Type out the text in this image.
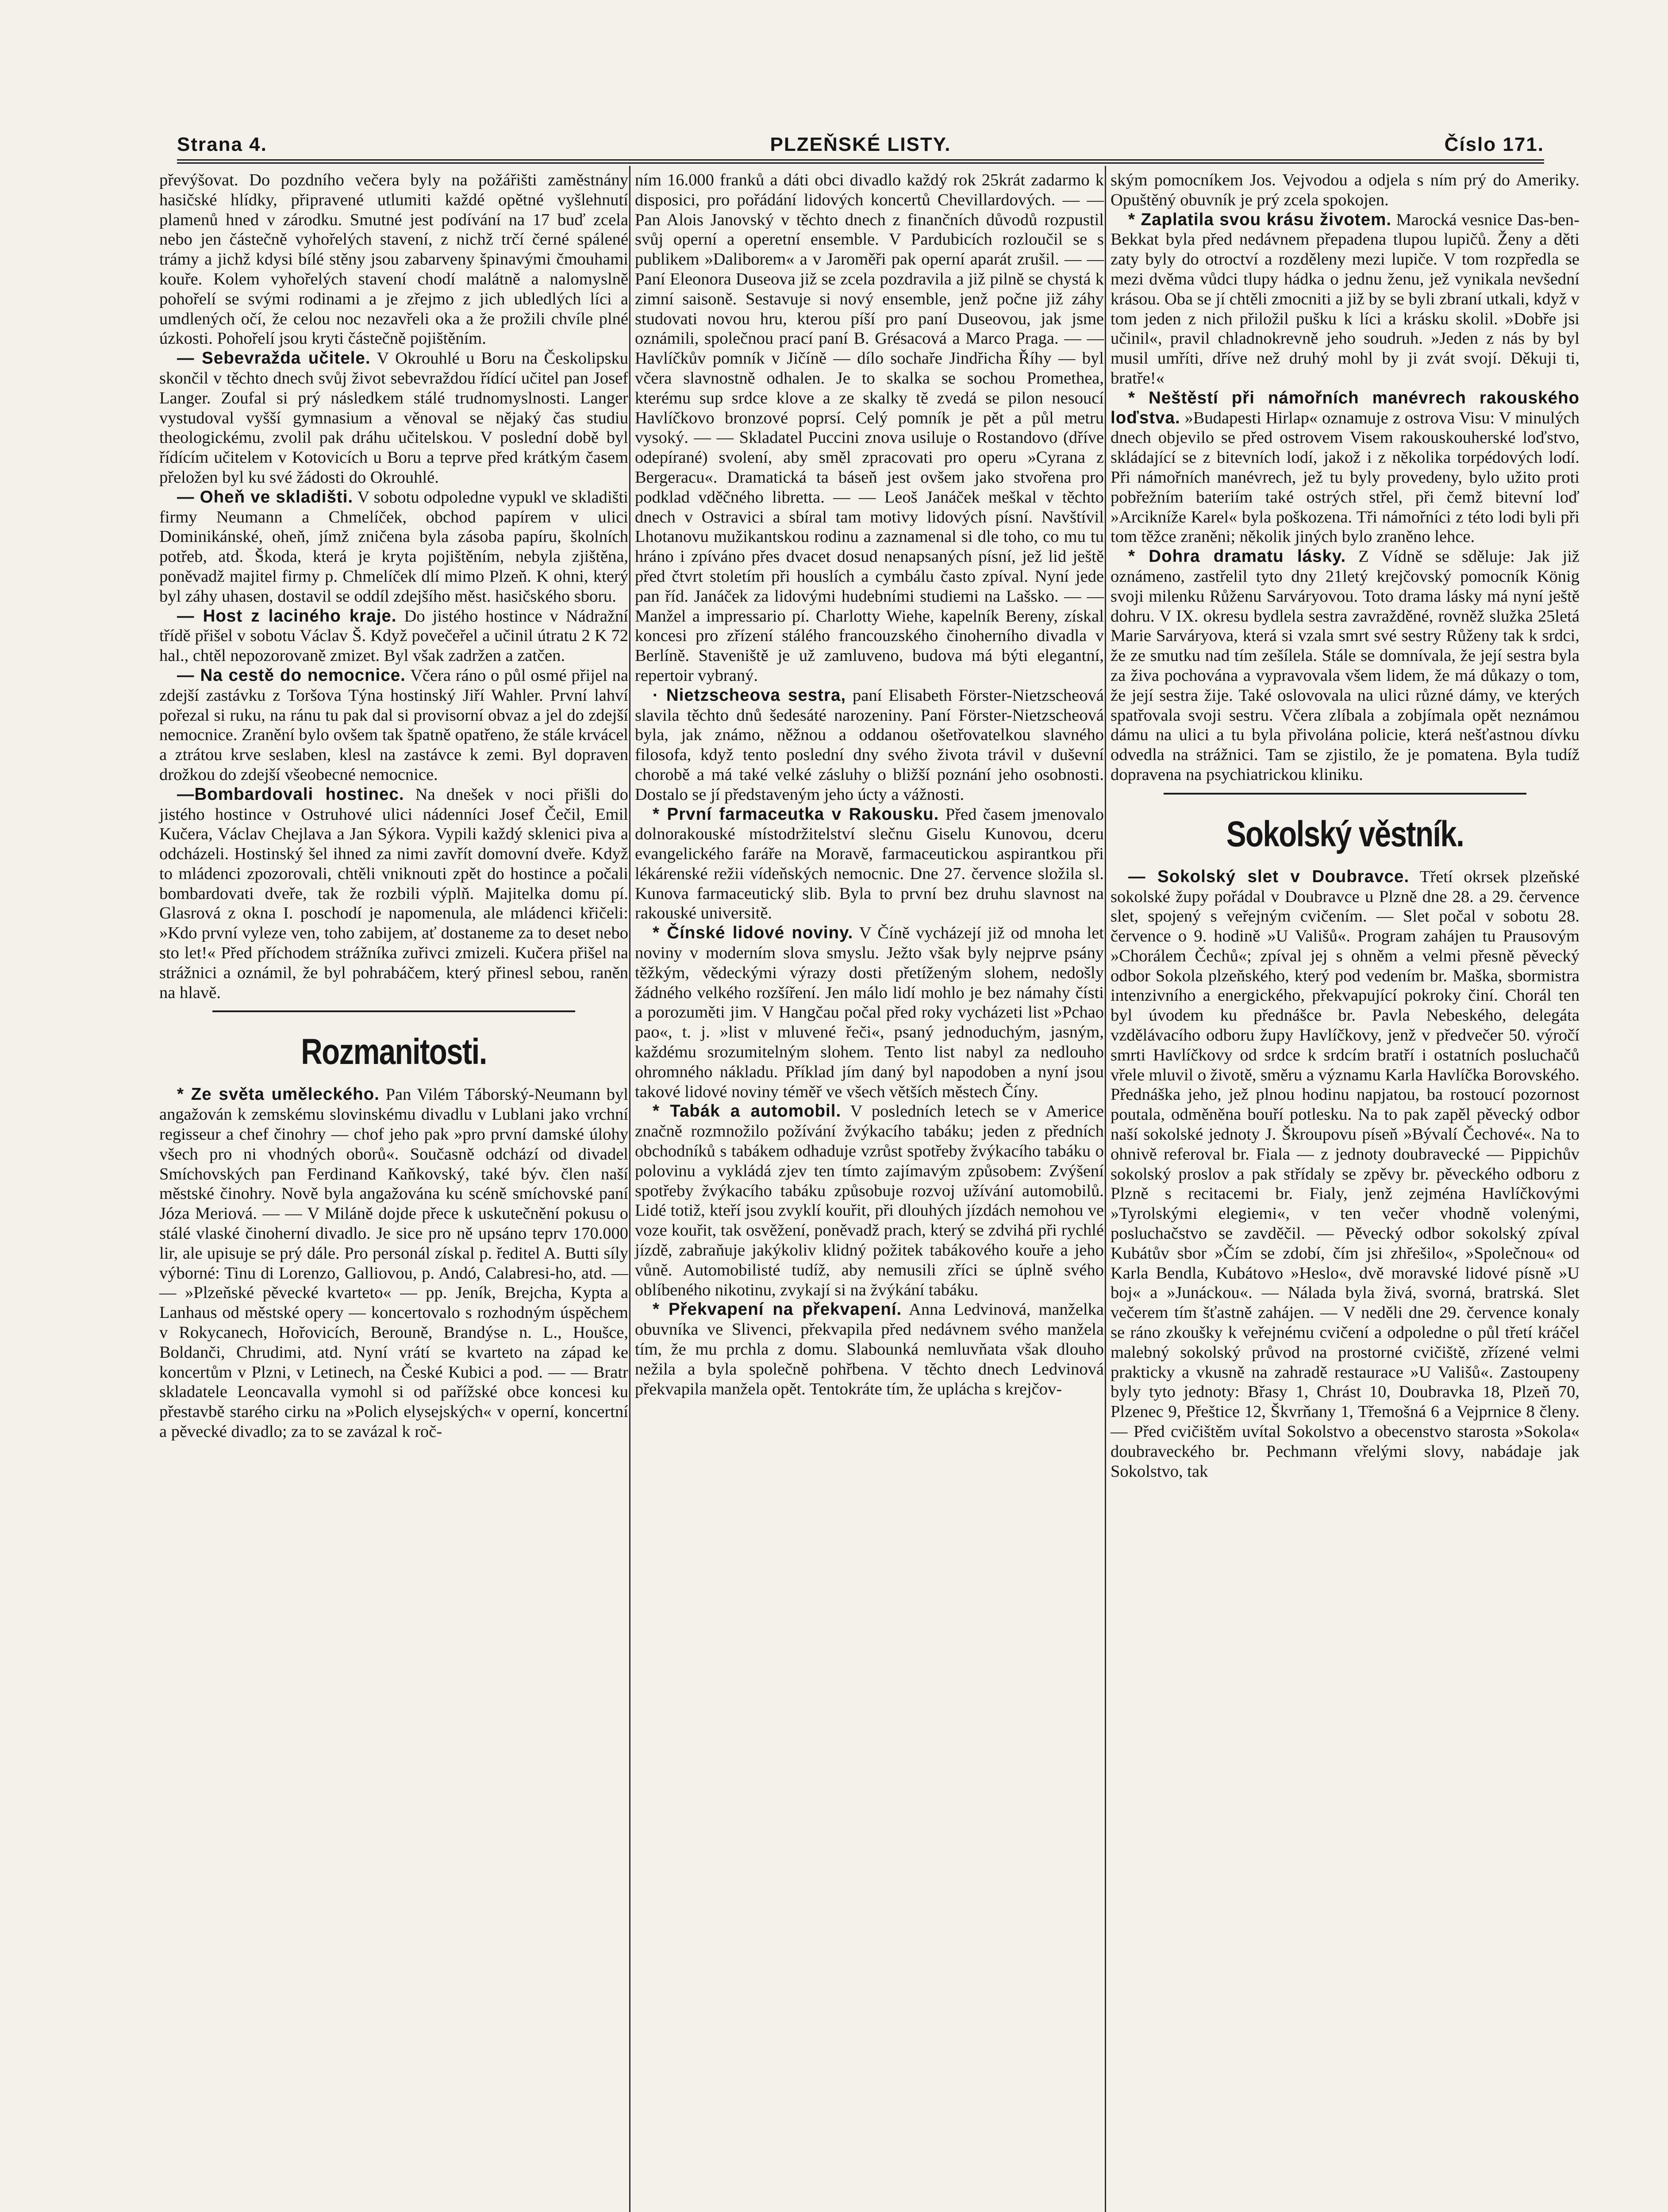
Strana 4.	PLZEŇSKÉ LISTY.	Číslo 171.

převýšovat. Do pozdního večera byly na požářišti zaměstnány hasičské hlídky, připravené utlumiti každé opětné vyšlehnutí plamenů hned v zárodku. Smutné jest podívání na 17 buď zcela nebo jen částečně vyhořelých stavení, z nichž trčí černé spálené trámy a jichž kdysi bílé stěny jsou zabarveny špinavými čmouhami kouře. Kolem vyhořelých stavení chodí malátně a nalomyslně pohořelí se svými rodinami a je zřejmo z jich ubledlých líci a umdlených očí, že celou noc nezavřeli oka a že prožili chvíle plné úzkosti. Pohořelí jsou kryti částečně pojištěním.

— Sebevražda učitele. V Okrouhlé u Boru na Českolipsku skončil v těchto dnech svůj život sebevraždou řídící učitel pan Josef Langer. Zoufal si prý následkem stálé trudnomyslnosti. Langer vystudoval vyšší gymnasium a věnoval se nějaký čas studiu theologickému, zvolil pak dráhu učitelskou. V poslední době byl řídícím učitelem v Kotovicích u Boru a teprve před krátkým časem přeložen byl ku své žádosti do Okrouhlé.

— Oheň ve skladišti. V sobotu odpoledne vypukl ve skladišti firmy Neumann a Chmelíček, obchod papírem v ulici Dominikánské, oheň, jímž zničena byla zásoba papíru, školních potřeb, atd. Škoda, která je kryta pojištěním, nebyla zjištěna, poněvadž majitel firmy p. Chmelíček dlí mimo Plzeň. K ohni, který byl záhy uhasen, dostavil se oddíl zdejšího měst. hasičského sboru.

— Host z laciného kraje. Do jistého hostince v Nádražní třídě přišel v sobotu Václav Š. Když povečeřel a učinil útratu 2 K 72 hal., chtěl nepozorovaně zmizet. Byl však zadržen a zatčen.

— Na cestě do nemocnice. Včera ráno o půl osmé přijel na zdejší zastávku z Toršova Týna hostinský Jiří Wahler. První lahví pořezal si ruku, na ránu tu pak dal si provisorní obvaz a jel do zdejší nemocnice. Zranění bylo ovšem tak špatně opatřeno, že stále krvácel a ztrátou krve seslaben, klesl na zastávce k zemi. Byl dopraven drožkou do zdejší všeobecné nemocnice.

—Bombardovali hostinec. Na dnešek v noci přišli do jistého hostince v Ostruhové ulici nádenníci Josef Čečil, Emil Kučera, Václav Chejlava a Jan Sýkora. Vypili každý sklenici piva a odcházeli. Hostinský šel ihned za nimi zavřít domovní dveře. Když to mládenci zpozorovali, chtěli vniknouti zpět do hostince a počali bombardovati dveře, tak že rozbili výplň. Majitelka domu pí. Glasrová z okna I. poschodí je napomenula, ale mládenci křičeli: »Kdo první vyleze ven, toho zabijem, ať dostaneme za to deset nebo sto let!« Před příchodem strážníka zuřivci zmizeli. Kučera přišel na strážnici a oznámil, že byl pohrabáčem, který přinesl sebou, raněn na hlavě.

Rozmanitosti.

* Ze světa uměleckého. Pan Vilém Táborský-Neumann byl angažován k zemskému slovinskému divadlu v Lublani jako vrchní regisseur a chef činohry — chof jeho pak »pro první damské úlohy všech pro ni vhodných oborů«. Současně odchází od divadel Smíchovských pan Ferdinand Kaňkovský, také býv. člen naší městské činohry. Nově byla angažována ku scéně smíchovské paní Józa Meriová. — — V Miláně dojde přece k uskutečnění pokusu o stálé vlaské činoherní divadlo. Je sice pro ně upsáno teprv 170.000 lir, ale upisuje se prý dále. Pro personál získal p. ředitel A. Butti síly výborné: Tinu di Lorenzo, Galliovou, p. Andó, Calabresi-ho, atd. — — »Plzeňské pěvecké kvarteto« — pp. Jeník, Brejcha, Kypta a Lanhaus od městské opery — koncertovalo s rozhodným úspěchem v Rokycanech, Hořovicích, Berouně, Brandýse n. L., Houšce, Boldanči, Chrudimi, atd. Nyní vrátí se kvarteto na západ ke koncertům v Plzni, v Letinech, na České Kubici a pod. — — Bratr skladatele Leoncavalla vymohl si od pařížské obce koncesi ku přestavbě starého cirku na »Polich elysejských« v operní, koncertní a pěvecké divadlo; za to se zavázal k roč-

ním 16.000 franků a dáti obci divadlo každý rok 25krát zadarmo k disposici, pro pořádání lidových koncertů Chevillardových. — — Pan Alois Janovský v těchto dnech z finančních důvodů rozpustil svůj operní a operetní ensemble. V Pardubicích rozloučil se s publikem »Daliborem« a v Jaroměři pak operní aparát zrušil. — — Paní Eleonora Duseova již se zcela pozdravila a již pilně se chystá k zimní saisoně. Sestavuje si nový ensemble, jenž počne již záhy studovati novou hru, kterou píší pro paní Duseovou, jak jsme oznámili, společnou prací paní B. Grésacová a Marco Praga. — — Havlíčkův pomník v Jičíně — dílo sochaře Jindřicha Říhy — byl včera slavnostně odhalen. Je to skalka se sochou Promethea, kterému sup srdce klove a ze skalky tě zvedá se pilon nesoucí Havlíčkovo bronzové poprsí. Celý pomník je pět a půl metru vysoký. — — Skladatel Puccini znova usiluje o Rostandovo (dříve odepírané) svolení, aby směl zpracovati pro operu »Cyrana z Bergeracu«. Dramatická ta báseň jest ovšem jako stvořena pro podklad vděčného libretta. — — Leoš Janáček meškal v těchto dnech v Ostravici a sbíral tam motivy lidových písní. Navštívil Lhotanovu mužikantskou rodinu a zaznamenal si dle toho, co mu tu hráno i zpíváno přes dvacet dosud nenapsaných písní, jež lid ještě před čtvrt stoletím při houslích a cymbálu často zpíval. Nyní jede pan říd. Janáček za lidovými hudebními studiemi na Lašsko. — — Manžel a impressario pí. Charlotty Wiehe, kapelník Bereny, získal koncesi pro zřízení stálého francouzského činoherního divadla v Berlíně. Staveniště je už zamluveno, budova má býti elegantní, repertoir vybraný.

· Nietzscheova sestra, paní Elisabeth Förster-Nietzscheová slavila těchto dnů šedesáté narozeniny. Paní Förster-Nietzscheová byla, jak známo, něžnou a oddanou ošetřovatelkou slavného filosofa, když tento poslední dny svého života trávil v duševní chorobě a má také velké zásluhy o bližší poznání jeho osobnosti. Dostalo se jí představeným jeho úcty a vážnosti.

* První farmaceutka v Rakousku. Před časem jmenovalo dolnorakouské místodržitelství slečnu Giselu Kunovou, dceru evangelického faráře na Moravě, farmaceutickou aspirantkou při lékárenské režii vídeňských nemocnic. Dne 27. července složila sl. Kunova farmaceutický slib. Byla to první bez druhu slavnost na rakouské universitě.

* Čínské lidové noviny. V Číně vycházejí již od mnoha let noviny v moderním slova smyslu. Ježto však byly nejprve psány těžkým, vědeckými výrazy dosti přetíženým slohem, nedošly žádného velkého rozšíření. Jen málo lidí mohlo je bez námahy čísti a porozuměti jim. V Hangčau počal před roky vycházeti list »Pchao pao«, t. j. »list v mluvené řeči«, psaný jednoduchým, jasným, každému srozumitelným slohem. Tento list nabyl za nedlouho ohromného nákladu. Příklad jím daný byl napodoben a nyní jsou takové lidové noviny téměř ve všech větších městech Číny.

* Tabák a automobil. V posledních letech se v Americe značně rozmnožilo požívání žvýkacího tabáku; jeden z předních obchodníků s tabákem odhaduje vzrůst spotřeby žvýkacího tabáku o polovinu a vykládá zjev ten tímto zajímavým způsobem: Zvýšení spotřeby žvýkacího tabáku způsobuje rozvoj užívání automobilů. Lidé totiž, kteří jsou zvyklí kouřit, při dlouhých jízdách nemohou ve voze kouřit, tak osvěžení, poněvadž prach, který se zdvihá při rychlé jízdě, zabraňuje jakýkoliv klidný požitek tabákového kouře a jeho vůně. Automobilisté tudíž, aby nemusili zříci se úplně svého oblíbeného nikotinu, zvykají si na žvýkání tabáku.

* Překvapení na překvapení. Anna Ledvinová, manželka obuvníka ve Slivenci, překvapila před nedávnem svého manžela tím, že mu prchla z domu. Slabounká nemluvňata však dlouho nežila a byla společně pohřbena. V těchto dnech Ledvinová překvapila manžela opět. Tentokráte tím, že uplácha s krejčov-

ským pomocníkem Jos. Vejvodou a odjela s ním prý do Ameriky. Opuštěný obuvník je prý zcela spokojen.

* Zaplatila svou krásu životem. Marocká vesnice Das-ben-Bekkat byla před nedávnem přepadena tlupou lupičů. Ženy a děti zaty byly do otroctví a rozděleny mezi lupiče. V tom rozpředla se mezi dvěma vůdci tlupy hádka o jednu ženu, jež vynikala nevšední krásou. Oba se jí chtěli zmocniti a již by se byli zbraní utkali, když v tom jeden z nich přiložil pušku k líci a krásku skolil. »Dobře jsi učinil«, pravil chladnokrevně jeho soudruh. »Jeden z nás by byl musil umříti, dříve než druhý mohl by ji zvát svojí. Děkuji ti, bratře!«

* Neštěstí při námořních manévrech rakouského loďstva. »Budapesti Hirlap« oznamuje z ostrova Visu: V minulých dnech objevilo se před ostrovem Visem rakouskouherské loďstvo, skládající se z bitevních lodí, jakož i z několika torpédových lodí. Při námořních manévrech, jež tu byly provedeny, bylo užito proti pobřežním bateriím také ostrých střel, při čemž bitevní loď »Arcikníže Karel« byla poškozena. Tři námořníci z této lodi byli při tom těžce zraněni; několik jiných bylo zraněno lehce.

* Dohra dramatu lásky. Z Vídně se sděluje: Jak již oznámeno, zastřelil tyto dny 21letý krejčovský pomocník König svoji milenku Růženu Sarváryovou. Toto drama lásky má nyní ještě dohru. V IX. okresu bydlela sestra zavražděné, rovněž služka 25letá Marie Sarváryova, která si vzala smrt své sestry Růženy tak k srdci, že ze smutku nad tím zešílela. Stále se domnívala, že její sestra byla za živa pochována a vypravovala všem lidem, že má důkazy o tom, že její sestra žije. Také oslovovala na ulici různé dámy, ve kterých spatřovala svoji sestru. Včera zlíbala a zobjímala opět neznámou dámu na ulici a tu byla přivolána policie, která nešťastnou dívku odvedla na strážnici. Tam se zjistilo, že je pomatena. Byla tudíž dopravena na psychiatrickou kliniku.

Sokolský věstník.

— Sokolský slet v Doubravce. Třetí okrsek plzeňské sokolské župy pořádal v Doubravce u Plzně dne 28. a 29. července slet, spojený s veřejným cvičením. — Slet počal v sobotu 28. července o 9. hodině »U Vališů«. Program zahájen tu Prausovým »Chorálem Čechů«; zpíval jej s ohněm a velmi přesně pěvecký odbor Sokola plzeňského, který pod vedením br. Maška, sbormistra intenzivního a energického, překvapující pokroky činí. Chorál ten byl úvodem ku přednášce br. Pavla Nebeského, delegáta vzdělávacího odboru župy Havlíčkovy, jenž v předvečer 50. výročí smrti Havlíčkovy od srdce k srdcím bratří i ostatních posluchačů vřele mluvil o životě, směru a významu Karla Havlíčka Borovského. Přednáška jeho, jež plnou hodinu napjatou, ba rostoucí pozornost poutala, odměněna bouří potlesku. Na to pak zapěl pěvecký odbor naší sokolské jednoty J. Škroupovu píseň »Bývalí Čechové«. Na to ohnivě referoval br. Fiala — z jednoty doubravecké — Pippichův sokolský proslov a pak střídaly se zpěvy br. pěveckého odboru z Plzně s recitacemi br. Fialy, jenž zejména Havlíčkovými »Tyrolskými elegiemi«, v ten večer vhodně volenými, posluchačstvo se zavděčil. — Pěvecký odbor sokolský zpíval Kubátův sbor »Čím se zdobí, čím jsi zhřešilo«, »Společnou« od Karla Bendla, Kubátovo »Heslo«, dvě moravské lidové písně »U boj« a »Junáckou«. — Nálada byla živá, svorná, bratrská. Slet večerem tím šťastně zahájen. — V neděli dne 29. července konaly se ráno zkoušky k veřejnému cvičení a odpoledne o půl třetí kráčel malebný sokolský průvod na prostorné cvičiště, zřízené velmi prakticky a vkusně na zahradě restaurace »U Vališů«. Zastoupeny byly tyto jednoty: Břasy 1, Chrást 10, Doubravka 18, Plzeň 70, Plzenec 9, Přeštice 12, Škvrňany 1, Třemošná 6 a Vejprnice 8 členy. — Před cvičištěm uvítal Sokolstvo a obecenstvo starosta »Sokola« doubraveckého br. Pechmann vřelými slovy, nabádaje jak Sokolstvo, tak
